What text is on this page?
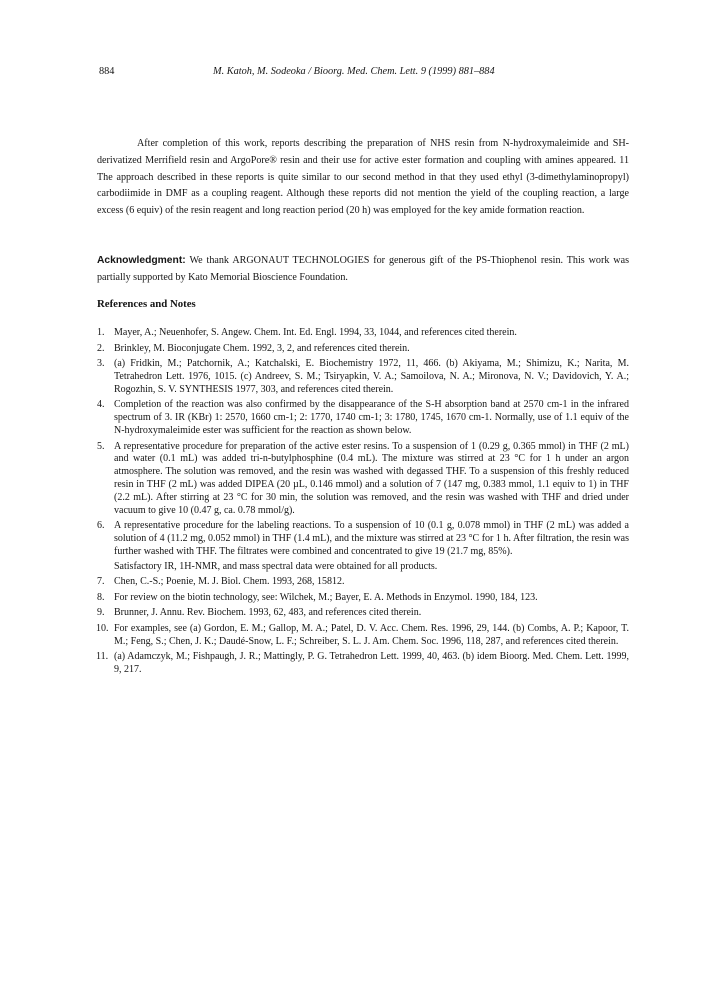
884	M. Katoh, M. Sodeoka / Bioorg. Med. Chem. Lett. 9 (1999) 881–884

After completion of this work, reports describing the preparation of NHS resin from N-hydroxymaleimide and SH-derivatized Merrifield resin and ArgoPore® resin and their use for active ester formation and coupling with amines appeared. 11 The approach described in these reports is quite similar to our second method in that they used ethyl (3-dimethylaminopropyl) carbodiimide in DMF as a coupling reagent. Although these reports did not mention the yield of the coupling reaction, a large excess (6 equiv) of the resin reagent and long reaction period (20 h) was employed for the key amide formation reaction.

Acknowledgment: We thank ARGONAUT TECHNOLOGIES for generous gift of the PS-Thiophenol resin. This work was partially supported by Kato Memorial Bioscience Foundation.

References and Notes
1. Mayer, A.; Neuenhofer, S. Angew. Chem. Int. Ed. Engl. 1994, 33, 1044, and references cited therein.
2. Brinkley, M. Bioconjugate Chem. 1992, 3, 2, and references cited therein.
3. (a) Fridkin, M.; Patchornik, A.; Katchalski, E. Biochemistry 1972, 11, 466. (b) Akiyama, M.; Shimizu, K.; Narita, M. Tetrahedron Lett. 1976, 1015. (c) Andreev, S. M.; Tsiryapkin, V. A.; Samoilova, N. A.; Mironova, N. V.; Davidovich, Y. A.; Rogozhin, S. V. SYNTHESIS 1977, 303, and references cited therein.
4. Completion of the reaction was also confirmed by the disappearance of the S-H absorption band at 2570 cm-1 in the infrared spectrum of 3. IR (KBr) 1: 2570, 1660 cm-1; 2: 1770, 1740 cm-1; 3: 1780, 1745, 1670 cm-1. Normally, use of 1.1 equiv of the N-hydroxymaleimide ester was sufficient for the reaction as shown below.
5. A representative procedure for preparation of the active ester resins. To a suspension of 1 (0.29 g, 0.365 mmol) in THF (2 mL) and water (0.1 mL) was added tri-n-butylphosphine (0.4 mL). The mixture was stirred at 23 °C for 1 h under an argon atmosphere. The solution was removed, and the resin was washed with degassed THF. To a suspension of this freshly reduced resin in THF (2 mL) was added DIPEA (20 µL, 0.146 mmol) and a solution of 7 (147 mg, 0.383 mmol, 1.1 equiv to 1) in THF (2.2 mL). After stirring at 23 °C for 30 min, the solution was removed, and the resin was washed with THF and dried under vacuum to give 10 (0.47 g, ca. 0.78 mmol/g).
6. A representative procedure for the labeling reactions. To a suspension of 10 (0.1 g, 0.078 mmol) in THF (2 mL) was added a solution of 4 (11.2 mg, 0.052 mmol) in THF (1.4 mL), and the mixture was stirred at 23 °C for 1 h. After filtration, the resin was further washed with THF. The filtrates were combined and concentrated to give 19 (21.7 mg, 85%).
Satisfactory IR, 1H-NMR, and mass spectral data were obtained for all products.
7. Chen, C.-S.; Poenie, M. J. Biol. Chem. 1993, 268, 15812.
8. For review on the biotin technology, see: Wilchek, M.; Bayer, E. A. Methods in Enzymol. 1990, 184, 123.
9. Brunner, J. Annu. Rev. Biochem. 1993, 62, 483, and references cited therein.
10. For examples, see (a) Gordon, E. M.; Gallop, M. A.; Patel, D. V. Acc. Chem. Res. 1996, 29, 144. (b) Combs, A. P.; Kapoor, T. M.; Feng, S.; Chen, J. K.; Daudé-Snow, L. F.; Schreiber, S. L. J. Am. Chem. Soc. 1996, 118, 287, and references cited therein.
11. (a) Adamczyk, M.; Fishpaugh, J. R.; Mattingly, P. G. Tetrahedron Lett. 1999, 40, 463. (b) idem Bioorg. Med. Chem. Lett. 1999, 9, 217.
